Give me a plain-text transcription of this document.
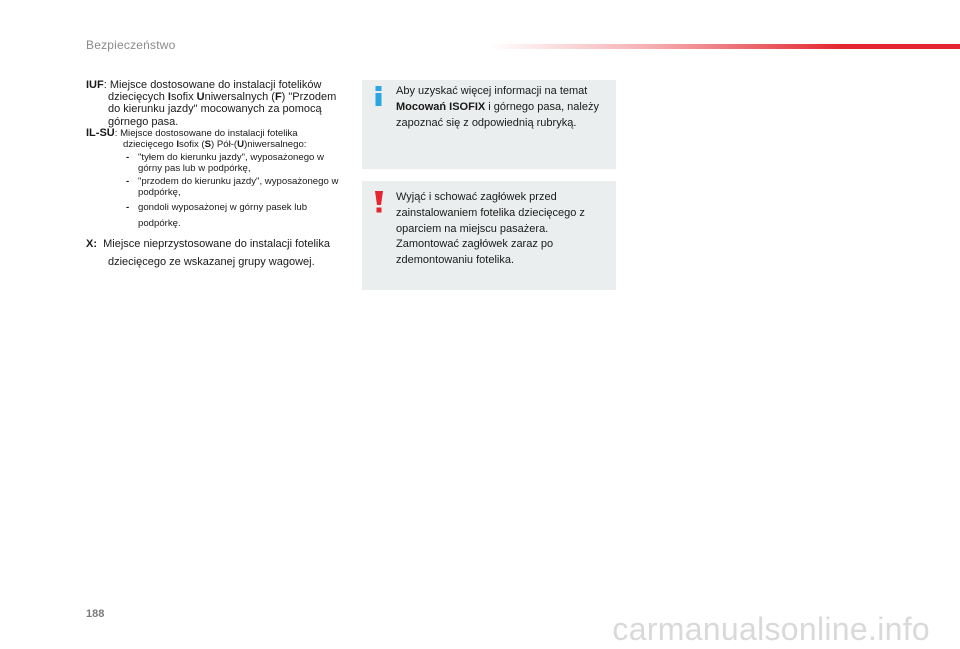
Bezpieczeństwo
IUF: Miejsce dostosowane do instalacji fotelików dziecięcych Isofix Uniwersalnych (F) "Przodem do kierunku jazdy" mocowanych za pomocą górnego pasa.
IL-SU: Miejsce dostosowane do instalacji fotelika dziecięcego Isofix (S) Pół-(U)niwersalnego:
- "tyłem do kierunku jazdy", wyposażonego w górny pas lub w podpórkę,
- "przodem do kierunku jazdy", wyposażonego w podpórkę,
- gondoli wyposażonej w górny pasek lub podpórkę.
X: Miejsce nieprzystosowane do instalacji fotelika dziecięcego ze wskazanej grupy wagowej.
Aby uzyskać więcej informacji na temat Mocowań ISOFIX i górnego pasa, należy zapoznać się z odpowiednią rubryką.
Wyjąć i schować zagłówek przed zainstalowaniem fotelika dziecięcego z oparciem na miejscu pasażera. Zamontować zagłówek zaraz po zdemontowaniu fotelika.
188	carmanualsonline.info
